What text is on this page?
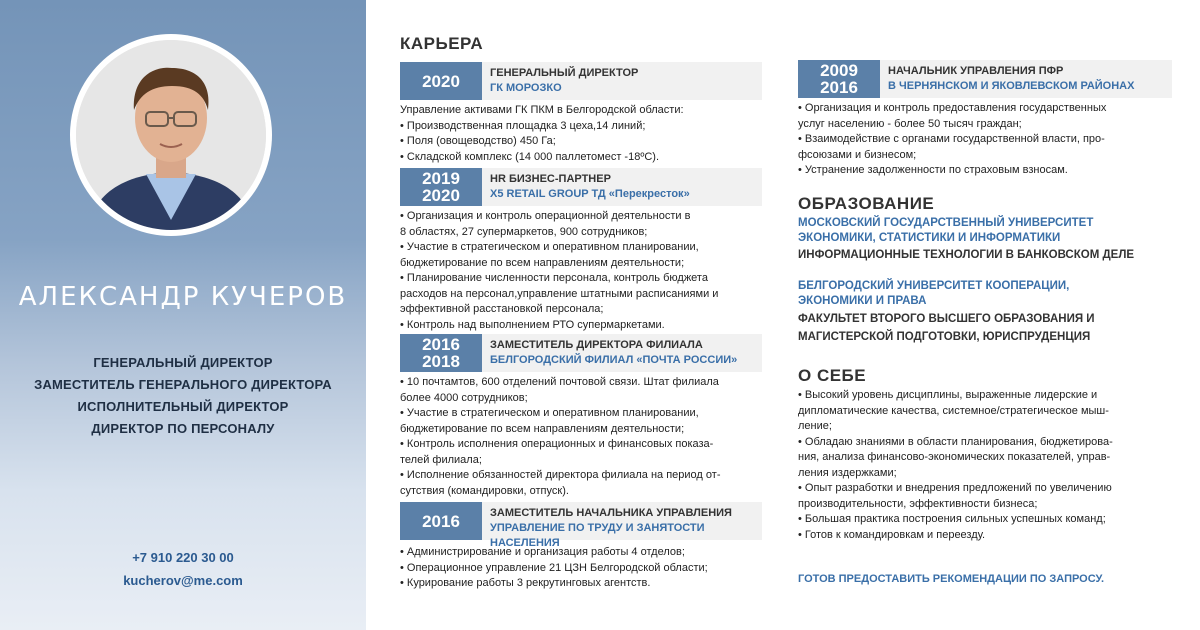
АЛЕКСАНДР КУЧЕРОВ
ГЕНЕРАЛЬНЫЙ ДИРЕКТОР
ЗАМЕСТИТЕЛЬ ГЕНЕРАЛЬНОГО ДИРЕКТОРА
ИСПОЛНИТЕЛЬНЫЙ ДИРЕКТОР
ДИРЕКТОР ПО ПЕРСОНАЛУ
+7 910 220 30 00
kucherov@me.com
КАРЬЕРА
2020	ГЕНЕРАЛЬНЫЙ ДИРЕКТОР
ГК МОРОЗКО
Управление активами ГК ПКМ в Белгородской области:
• Производственная площадка 3 цеха,14 линий;
• Поля (овощеводство) 450 Га;
• Складской комплекс (14 000 паллетомест -18ºС).
2019
2020
HR БИЗНЕС-ПАРТНЕР
X5 RETAIL GROUP ТД «Перекресток»
• Организация и контроль операционной деятельности в
8 областях, 27 супермаркетов, 900 сотрудников;
• Участие в стратегическом и оперативном планировании,
бюджетирование по всем направлениям деятельности;
• Планирование численности персонала, контроль бюджета
расходов на персонал,управление штатными расписаниями и
эффективной расстановкой персонала;
• Контроль над выполнением РТО супермаркетами.
2016
2018
ЗАМЕСТИТЕЛЬ ДИРЕКТОРА ФИЛИАЛА
БЕЛГОРОДСКИЙ ФИЛИАЛ «ПОЧТА РОССИИ»
• 10 почтамтов, 600 отделений почтовой связи. Штат филиала
более 4000 сотрудников;
• Участие в стратегическом и оперативном планировании,
бюджетирование по всем направлениям деятельности;
• Контроль исполнения операционных и финансовых показа-
телей филиала;
• Исполнение обязанностей директора филиала на период от-
сутствия (командировки, отпуск).
2016	ЗАМЕСТИТЕЛЬ НАЧАЛЬНИКА УПРАВЛЕНИЯ
УПРАВЛЕНИЕ ПО ТРУДУ И ЗАНЯТОСТИ НАСЕЛЕНИЯ
• Администрирование и организация работы 4 отделов;
• Операционное управление 21 ЦЗН Белгородской области;
• Курирование работы 3 рекрутинговых агентств.
2009
2016
НАЧАЛЬНИК УПРАВЛЕНИЯ ПФР
В ЧЕРНЯНСКОМ И ЯКОВЛЕВСКОМ РАЙОНАХ
• Организация и контроль предоставления государственных
услуг населению - более 50 тысяч граждан;
• Взаимодействие с органами государственной власти, про-
фсоюзами и бизнесом;
• Устранение задолженности по страховым взносам.
ОБРАЗОВАНИЕ
МОСКОВСКИЙ ГОСУДАРСТВЕННЫЙ УНИВЕРСИТЕТ
ЭКОНОМИКИ, СТАТИСТИКИ И ИНФОРМАТИКИ
ИНФОРМАЦИОННЫЕ ТЕХНОЛОГИИ В БАНКОВСКОМ ДЕЛЕ
БЕЛГОРОДСКИЙ УНИВЕРСИТЕТ КООПЕРАЦИИ,
ЭКОНОМИКИ И ПРАВА
ФАКУЛЬТЕТ ВТОРОГО ВЫСШЕГО ОБРАЗОВАНИЯ И
МАГИСТЕРСКОЙ ПОДГОТОВКИ, ЮРИСПРУДЕНЦИЯ
О СЕБЕ
• Высокий уровень дисциплины, выраженные лидерские и
дипломатические качества, системное/стратегическое мыш-
ление;
• Обладаю знаниями в области планирования, бюджетирова-
ния, анализа финансово-экономических показателей, управ-
ления издержками;
• Опыт разработки и внедрения предложений по увеличению
производительности, эффективности бизнеса;
• Большая практика построения сильных успешных команд;
• Готов к командировкам и переезду.
ГОТОВ ПРЕДОСТАВИТЬ РЕКОМЕНДАЦИИ ПО ЗАПРОСУ.
